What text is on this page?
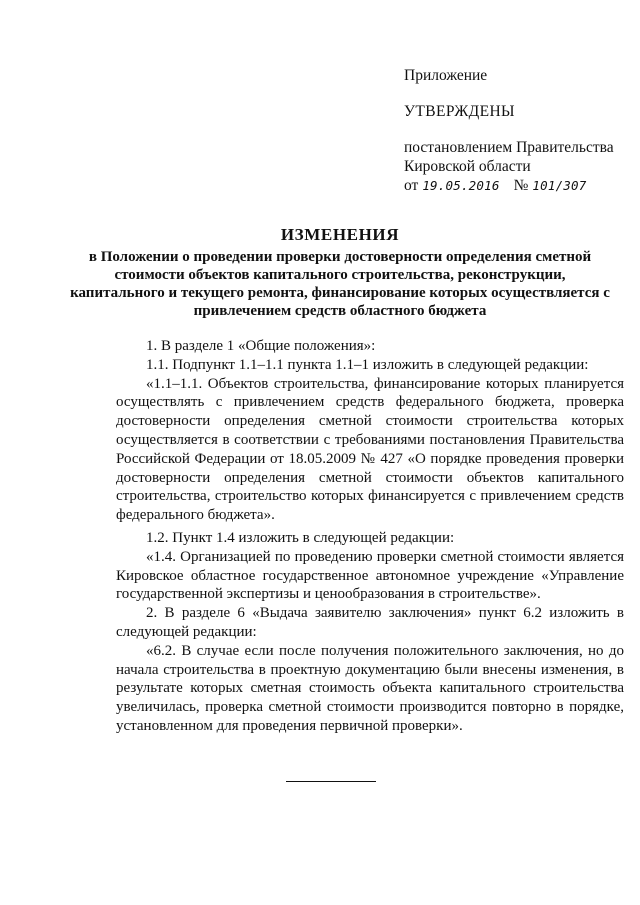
Приложение

УТВЕРЖДЕНЫ

постановлением Правительства

Кировской области

от 19.05.2016 № 101/307

ИЗМЕНЕНИЯ

в Положении о проведении проверки достоверности определения сметной стоимости объектов капитального строительства, реконструкции, капитального и текущего ремонта, финансирование которых осуществляется с привлечением средств областного бюджета

1. В разделе 1 «Общие положения»:

1.1. Подпункт 1.1–1.1 пункта 1.1–1 изложить в следующей редакции:

«1.1–1.1. Объектов строительства, финансирование которых планируется осуществлять с привлечением средств федерального бюджета, проверка достоверности определения сметной стоимости строительства которых осуществляется в соответствии с требованиями постановления Правительства Российской Федерации от 18.05.2009 № 427 «О порядке проведения проверки достоверности определения сметной стоимости объектов капитального строительства, строительство которых финансируется с привлечением средств федерального бюджета».

1.2. Пункт 1.4 изложить в следующей редакции:

«1.4. Организацией по проведению проверки сметной стоимости является Кировское областное государственное автономное учреждение «Управление государственной экспертизы и ценообразования в строительстве».

2. В разделе 6 «Выдача заявителю заключения» пункт 6.2 изложить в следующей редакции:

«6.2. В случае если после получения положительного заключения, но до начала строительства в проектную документацию были внесены изменения, в результате которых сметная стоимость объекта капитального строительства увеличилась, проверка сметной стоимости производится повторно в порядке, установленном для проведения первичной проверки».
